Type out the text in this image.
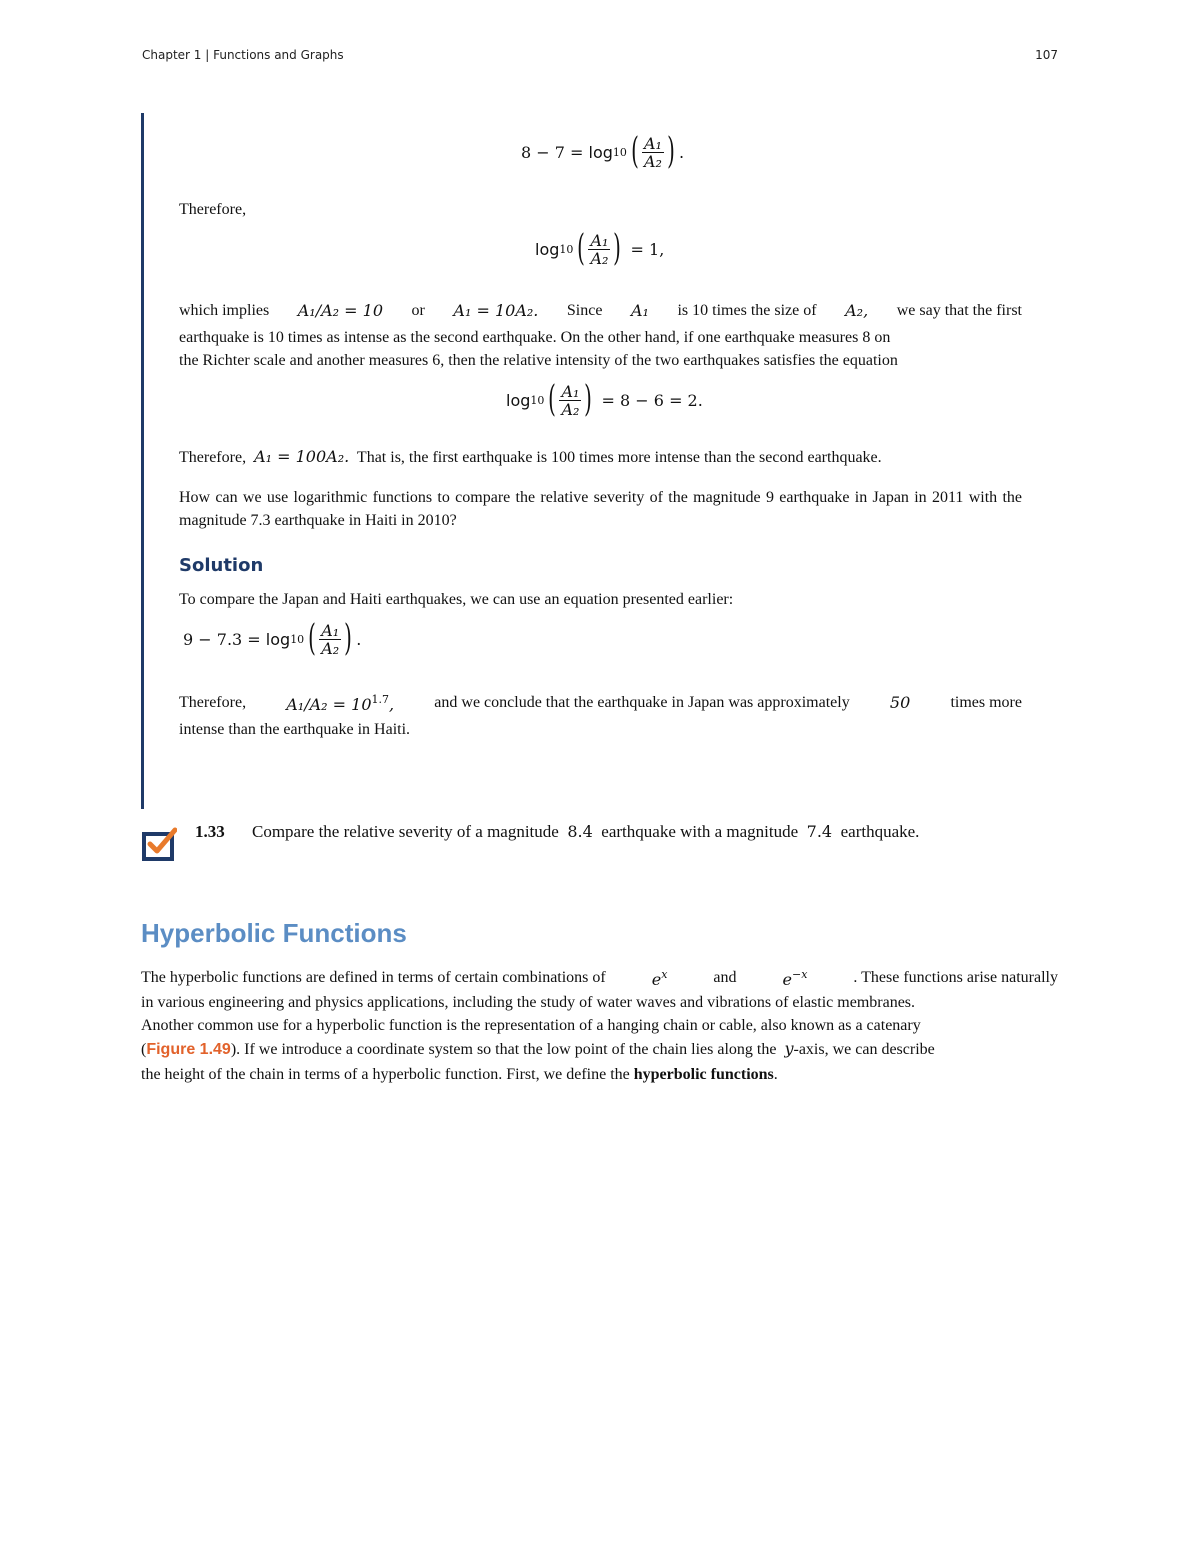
Chapter 1 | Functions and Graphs	107
8 − 7 =
log 10 ( $\frac{\text{A₁}}{\text{A₂}}$ ) .
Therefore,
log 10 ( $\frac{\text{A₁}}{\text{A₂}}$ )
= 1,
which implies A₁/A₂ = 10 or A₁ = 10A₂. Since A₁ is 10 times the size of A₂, we say that the first
earthquake is 10 times as intense as the second earthquake. On the other hand, if one earthquake measures 8 on
the Richter scale and another measures 6, then the relative intensity of the two earthquakes satisfies the equation
log 10 ( $\frac{\text{A₁}}{\text{A₂}}$ )
= 8 − 6 = 2.
Therefore, A₁ = 100A₂. That is, the first earthquake is 100 times more intense than the second earthquake.
How can we use logarithmic functions to compare the relative severity of the magnitude 9 earthquake in Japan in 2011 with the magnitude 7.3 earthquake in Haiti in 2010?
Solution
To compare the Japan and Haiti earthquakes, we can use an equation presented earlier:
9 − 7.3 =
log 10 ( $\frac{\text{A₁}}{\text{A₂}}$ ) .
Therefore,	$A_1/A_2 = 10^{1.7}$,	and we conclude that the earthquake in Japan was approximately	50	times more
intense than the earthquake in Haiti.
1.33 Compare the relative severity of a magnitude 8.4 earthquake with a magnitude 7.4 earthquake.
Hyperbolic Functions
The hyperbolic functions are defined in terms of certain combinations of	$e^x$	and	$e^{-x}$	. These functions arise naturally
in various engineering and physics applications, including the study of water waves and vibrations of elastic membranes.
Another common use for a hyperbolic function is the representation of a hanging chain or cable, also known as a catenary
(Figure 1.49). If we introduce a coordinate system so that the low point of the chain lies along the y-axis, we can describe
the height of the chain in terms of a hyperbolic function. First, we define the hyperbolic functions.
